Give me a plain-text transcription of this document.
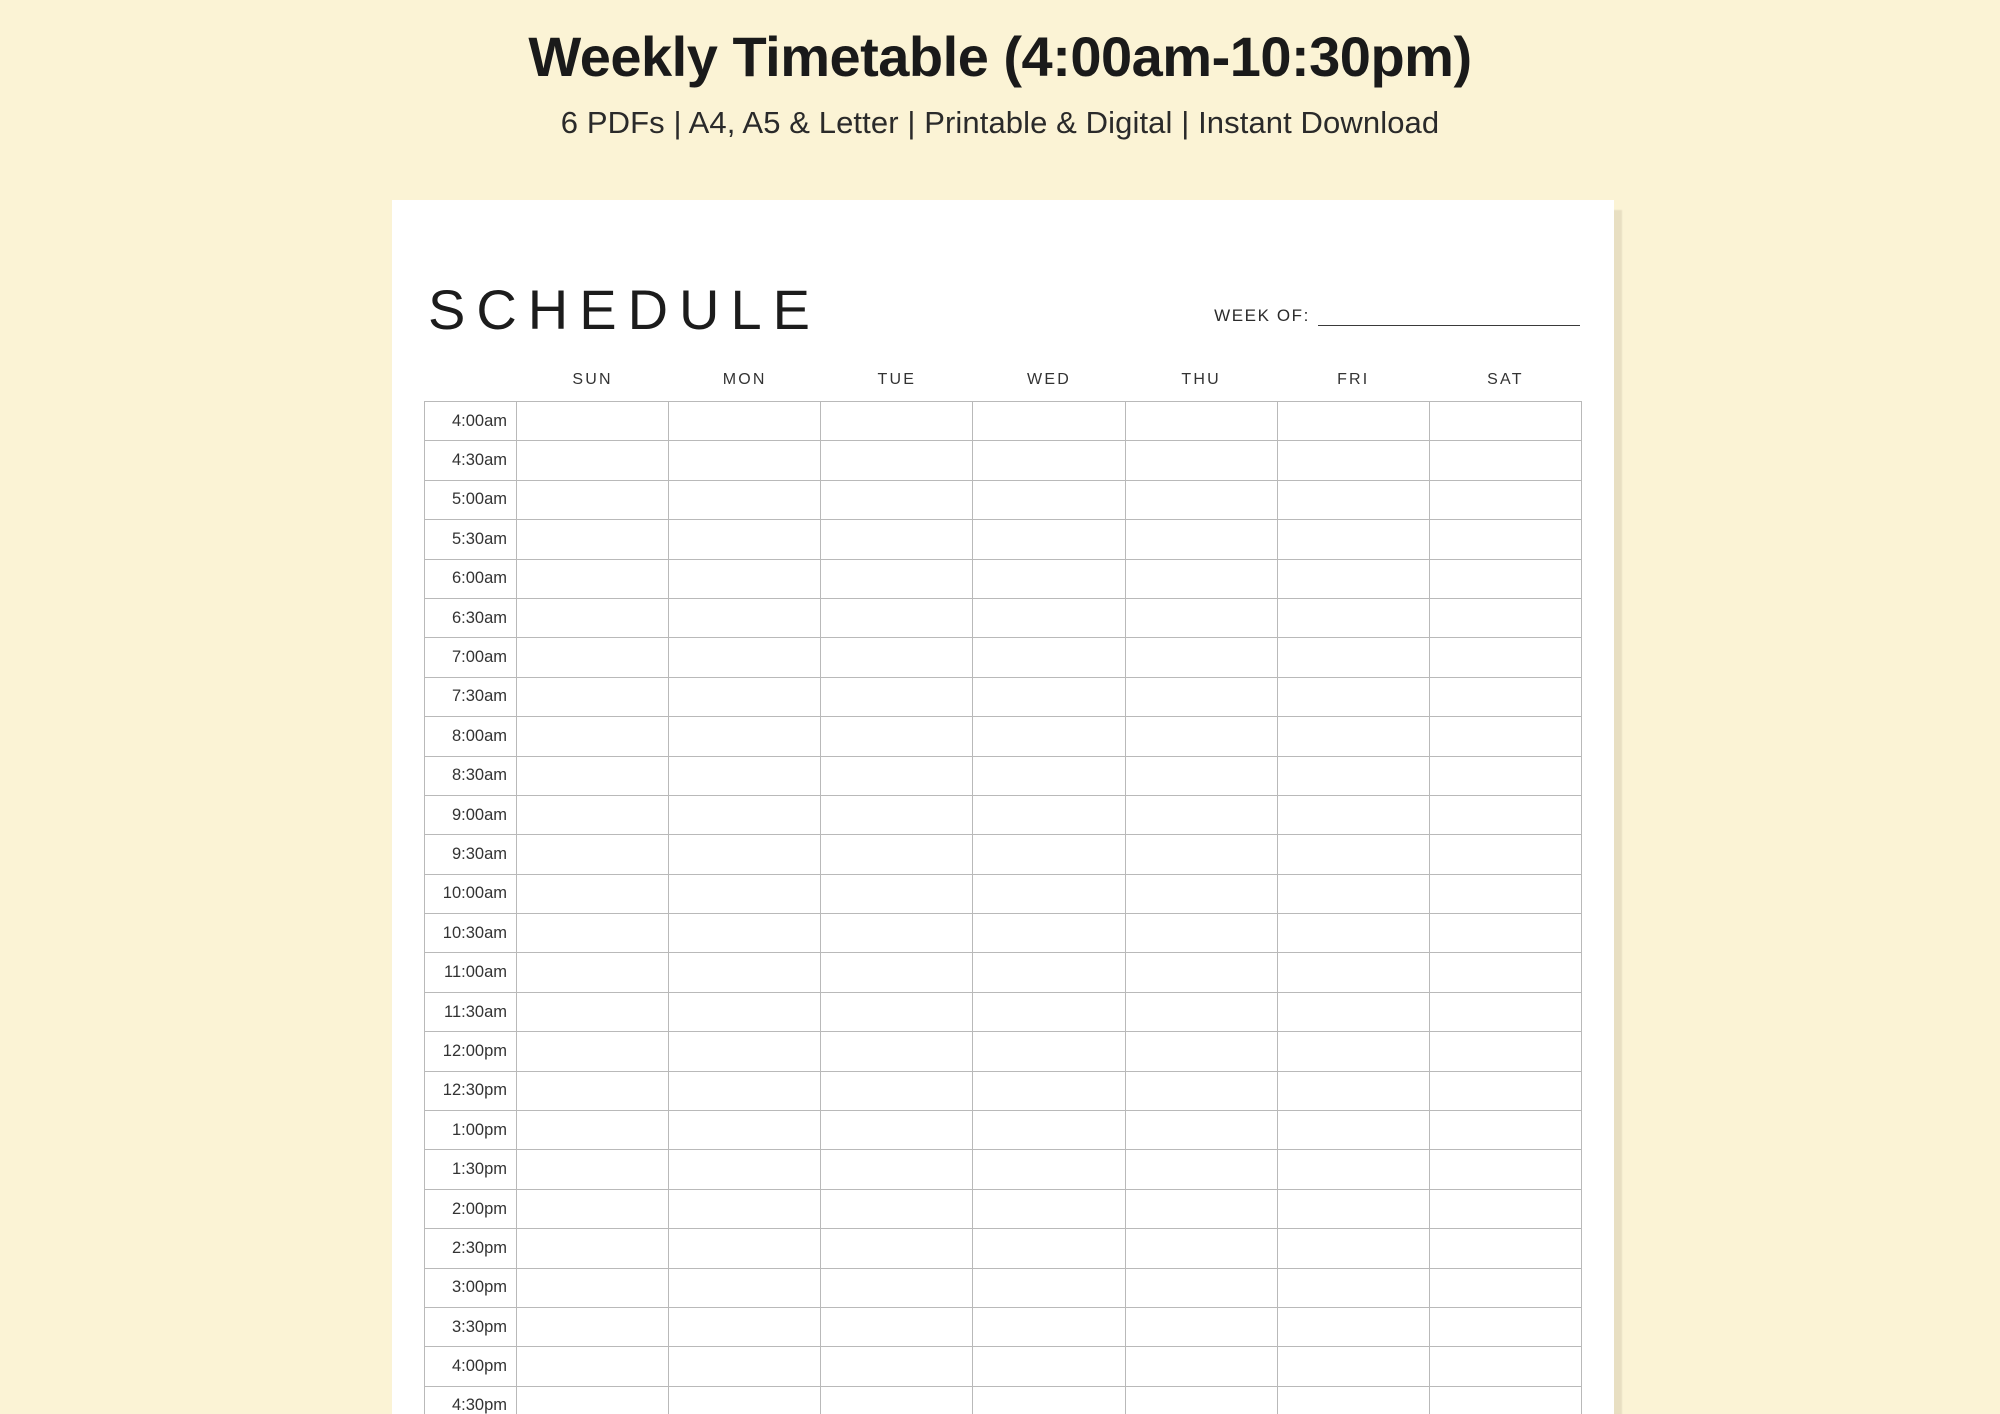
Weekly Timetable (4:00am-10:30pm)

6 PDFs | A4, A5 & Letter | Printable & Digital | Instant Download

SCHEDULE	WEEK OF:
	SUN	MON	TUE	WED	THU	FRI	SAT
4:00am							
4:30am							
5:00am							
5:30am							
6:00am							
6:30am							
7:00am							
7:30am							
8:00am							
8:30am							
9:00am							
9:30am							
10:00am							
10:30am							
11:00am							
11:30am							
12:00pm							
12:30pm							
1:00pm							
1:30pm							
2:00pm							
2:30pm							
3:00pm							
3:30pm							
4:00pm							
4:30pm							
